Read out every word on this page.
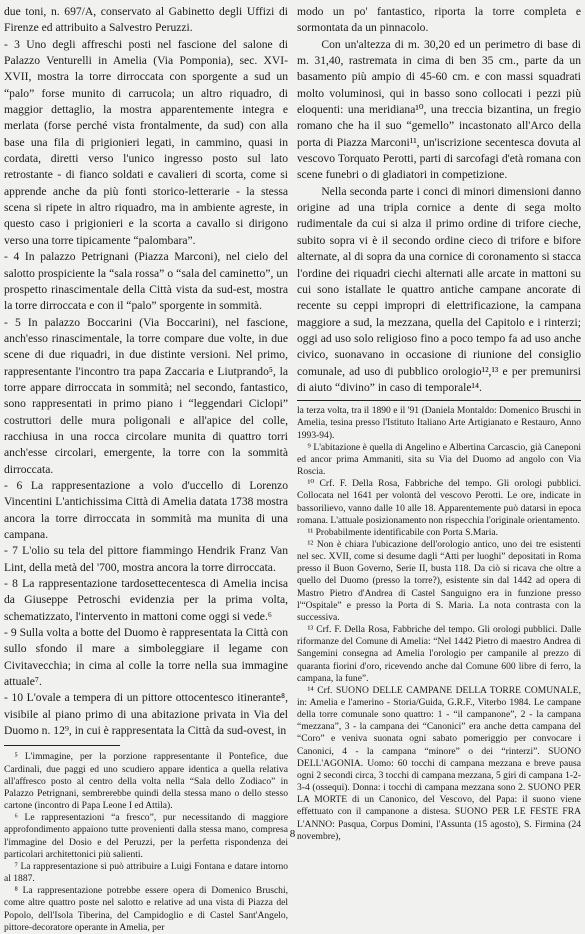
due toni, n. 697/A, conservato al Gabinetto degli Uffizi di Firenze ed attribuito a Salvestro Peruzzi.

- 3 Uno degli affreschi posti nel fascione del salone di Palazzo Venturelli in Amelia (Via Pomponia), sec. XVI-XVII, mostra la torre dirroccata con sporgente a sud un “palo” forse munito di carrucola; un altro riquadro, di maggior dettaglio, la mostra apparentemente integra e merlata (forse perché vista frontalmente, da sud) con alla base una fila di prigionieri legati, in cammino, quasi in cordata, diretti verso l'unico ingresso posto sul lato retrostante - di fianco soldati e cavalieri di scorta, come si apprende anche da più fonti storico-letterarie - la stessa scena si ripete in altro riquadro, ma in ambiente agreste, in questo caso i prigionieri e la scorta a cavallo si dirigono verso una torre tipicamente “palombara”.

- 4 In palazzo Petrignani (Piazza Marconi), nel cielo del salotto prospiciente la “sala rossa” o “sala del caminetto”, un prospetto rinascimentale della Città vista da sud-est, mostra la torre dirroccata e con il “palo” sporgente in sommità.

- 5 In palazzo Boccarini (Via Boccarini), nel fascione, anch'esso rinascimentale, la torre compare due volte, in due scene di due riquadri, in due distinte versioni. Nel primo, rappresentante l'incontro tra papa Zaccaria e Liutprando⁵, la torre appare dirroccata in sommità; nel secondo, fantastico, sono rappresentati in primo piano i “leggendari Ciclopi” costruttori delle mura poligonali e all'apice del colle, racchiusa in una rocca circolare munita di quattro torri anch'esse circolari, emergente, la torre con la sommità dirroccata.

- 6 La rappresentazione a volo d'uccello di Lorenzo Vincentini L'antichissima Città di Amelia datata 1738 mostra ancora la torre dirroccata in sommità ma munita di una campana.

- 7 L'olio su tela del pittore fiammingo Hendrik Franz Van Lint, della metà del '700, mostra ancora la torre dirroccata.

- 8 La rappresentazione tardosettecentesca di Amelia incisa da Giuseppe Petroschi evidenzia per la prima volta, schematizzato, l'intervento in mattoni come oggi si vede.⁶

- 9 Sulla volta a botte del Duomo è rappresentata la Città con sullo sfondo il mare a simboleggiare il legame con Civitavecchia; in cima al colle la torre nella sua immagine attuale⁷.

- 10 L'ovale a tempera di un pittore ottocentesco itinerante⁸, visibile al piano primo di una abitazione privata in Via del Duomo n. 12⁹, in cui è rappresentata la Città da sud-ovest, in

⁵ L'immagine, per la porzione rappresentante il Pontefice, due Cardinali, due paggi ed uno scudiero appare identica a quella relativa all'affresco posto al centro della volta nella “Sala dello Zodiaco” in Palazzo Petrignani, sembrerebbe quindi della stessa mano o dello stesso cartone (incontro di Papa Leone I ed Attila).

⁶ Le rappresentazioni “a fresco”, pur necessitando di maggiore approfondimento appaiono tutte provenienti dalla stessa mano, compresa l'immagine del Dosio e del Peruzzi, per la perfetta rispondenza dei particolari architettonici più salienti.

⁷ La rappresentazione si può attribuire a Luigi Fontana e datare intorno al 1887.

⁸ La rappresentazione potrebbe essere opera di Domenico Bruschi, come altre quattro poste nel salotto e relative ad una vista di Piazza del Popolo, dell'Isola Tiberina, del Campidoglio e di Castel Sant'Angelo, pittore-decoratore operante in Amelia, per

modo un po' fantastico, riporta la torre completa e sormontata da un pinnacolo.

Con un'altezza di m. 30,20 ed un perimetro di base di m. 31,40, rastremata in cima di ben 35 cm., parte da un basamento più ampio di 45-60 cm. e con massi squadrati molto voluminosi, qui in basso sono collocati i pezzi più eloquenti: una meridiana¹⁰, una treccia bizantina, un fregio romano che ha il suo “gemello” incastonato all'Arco della porta di Piazza Marconi¹¹, un'iscrizione secentesca dovuta al vescovo Torquato Perotti, parti di sarcofagi d'età romana con scene funebri o di gladiatori in competizione.

Nella seconda parte i conci di minori dimensioni danno origine ad una tripla cornice a dente di sega molto rudimentale da cui si alza il primo ordine di trifore cieche, subito sopra vi è il secondo ordine cieco di trifore e bifore alternate, al di sopra da una cornice di coronamento si stacca l'ordine dei riquadri ciechi alternati alle arcate in mattoni su cui sono istallate le quattro antiche campane ancorate di recente su ceppi impropri di elettrificazione, la campana maggiore a sud, la mezzana, quella del Capitolo e i rinterzi; oggi ad uso solo religioso fino a poco tempo fa ad uso anche civico, suonavano in occasione di riunione del consiglio comunale, ad uso di pubblico orologio¹²,¹³ e per premunirsi di aiuto “divino” in caso di temporale¹⁴.

la terza volta, tra il 1890 e il '91 (Daniela Montaldo: Domenico Bruschi in Amelia, tesina presso l'Istituto Italiano Arte Artigianato e Restauro, Anno 1993-94).

⁹ L'abitazione è quella di Angelino e Albertina Carcascio, già Caneponi ed ancor prima Ammaniti, sita su Via del Duomo ad angolo con Via Roscia.

¹⁰ Crf. F. Della Rosa, Fabbriche del tempo. Gli orologi pubblici. Collocata nel 1641 per volontà del vescovo Perotti. Le ore, indicate in bassorilievo, vanno dalle 10 alle 18. Apparentemente può datarsi in epoca romana. L'attuale posizionamento non rispecchia l'originale orientamento.

¹¹ Probabilmente identificabile con Porta S.Maria.

¹² Non è chiara l'ubicazione dell'orologio antico, uno dei tre esistenti nel sec. XVII, come si desume dagli “Atti per luoghi” depositati in Roma presso il Buon Governo, Serie II, busta 118. Da ciò si ricava che oltre a quello del Duomo (presso la torre?), esistente sin dal 1442 ad opera di Mastro Pietro d'Andrea di Castel Sanguigno era in funzione presso l'“Ospitale” e presso la Porta di S. Maria. La nota contrasta con la successiva.

¹³ Crf. F. Della Rosa, Fabbriche del tempo. Gli orologi pubblici. Dalle riformanze del Comune di Amelia: “Nel 1442 Pietro di maestro Andrea di Sangemini consegna ad Amelia l'orologio per campanile al prezzo di quaranta fiorini d'oro, ricevendo anche dal Comune 600 libre di ferro, la campana, la fune”.

¹⁴ Crf. SUONO DELLE CAMPANE DELLA TORRE COMUNALE, in: Amelia e l'amerino - Storia/Guida, G.R.F., Viterbo 1984. Le campane della torre comunale sono quattro: 1 - “il campanone”, 2 - la campana “mezzana”, 3 - la campana dei “Canonici” era anche detta campana del “Coro” e veniva suonata ogni sabato pomeriggio per convocare i Canonici, 4 - la campana “minore” o dei “rinterzi”. SUONO DELL'AGONIA. Uomo: 60 tocchi di campana mezzana e breve pausa ogni 2 secondi circa, 3 tocchi di campana mezzana, 5 giri di campana 1-2-3-4 (ossequi). Donna: i tocchi di campana mezzana sono 2. SUONO PER LA MORTE di un Canonico, del Vescovo, del Papa: il suono viene effettuato con il campanone a distesa. SUONO PER LE FESTE FRA L'ANNO: Pasqua, Corpus Domini, l'Assunta (15 agosto), S. Firmina (24 novembre),

8
